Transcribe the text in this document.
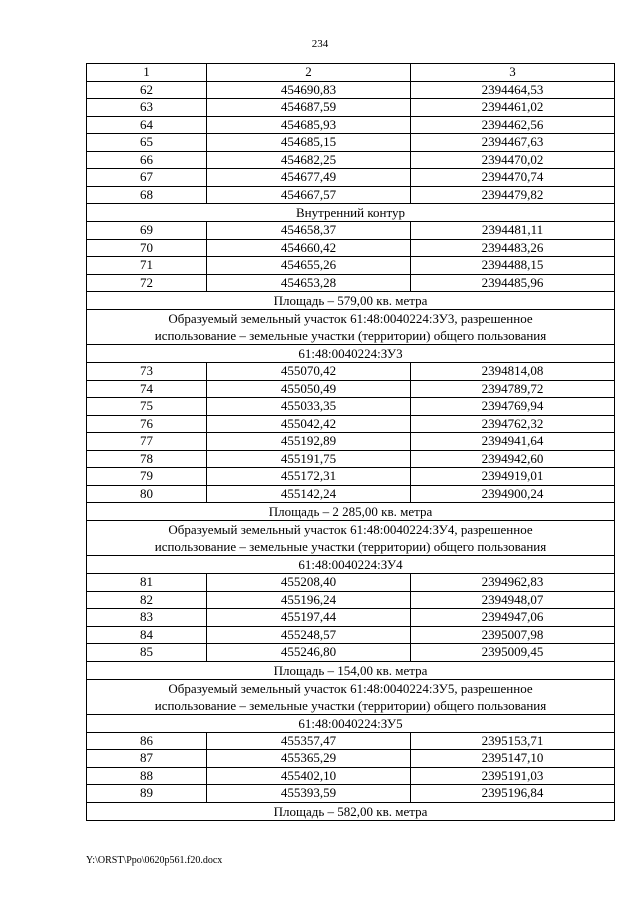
234
1	2	3
62	454690,83	2394464,53
63	454687,59	2394461,02
64	454685,93	2394462,56
65	454685,15	2394467,63
66	454682,25	2394470,02
67	454677,49	2394470,74
68	454667,57	2394479,82
Внутренний контур		
69	454658,37	2394481,11
70	454660,42	2394483,26
71	454655,26	2394488,15
72	454653,28	2394485,96
Площадь – 579,00 кв. метра		

Образуемый земельный участок 61:48:0040224:ЗУ3, разрешенное
использование – земельные участки (территории) общего пользования		

61:48:0040224:ЗУ3		
73	455070,42	2394814,08
74	455050,49	2394789,72
75	455033,35	2394769,94
76	455042,42	2394762,32
77	455192,89	2394941,64
78	455191,75	2394942,60
79	455172,31	2394919,01
80	455142,24	2394900,24
Площадь – 2 285,00 кв. метра		

Образуемый земельный участок 61:48:0040224:ЗУ4, разрешенное
использование – земельные участки (территории) общего пользования		

61:48:0040224:ЗУ4		
81	455208,40	2394962,83
82	455196,24	2394948,07
83	455197,44	2394947,06
84	455248,57	2395007,98
85	455246,80	2395009,45
Площадь – 154,00 кв. метра		

Образуемый земельный участок 61:48:0040224:ЗУ5, разрешенное
использование – земельные участки (территории) общего пользования		

61:48:0040224:ЗУ5		
86	455357,47	2395153,71
87	455365,29	2395147,10
88	455402,10	2395191,03
89	455393,59	2395196,84
Площадь – 582,00 кв. метра		
Y:\ORST\Ppo\0620p561.f20.docx
